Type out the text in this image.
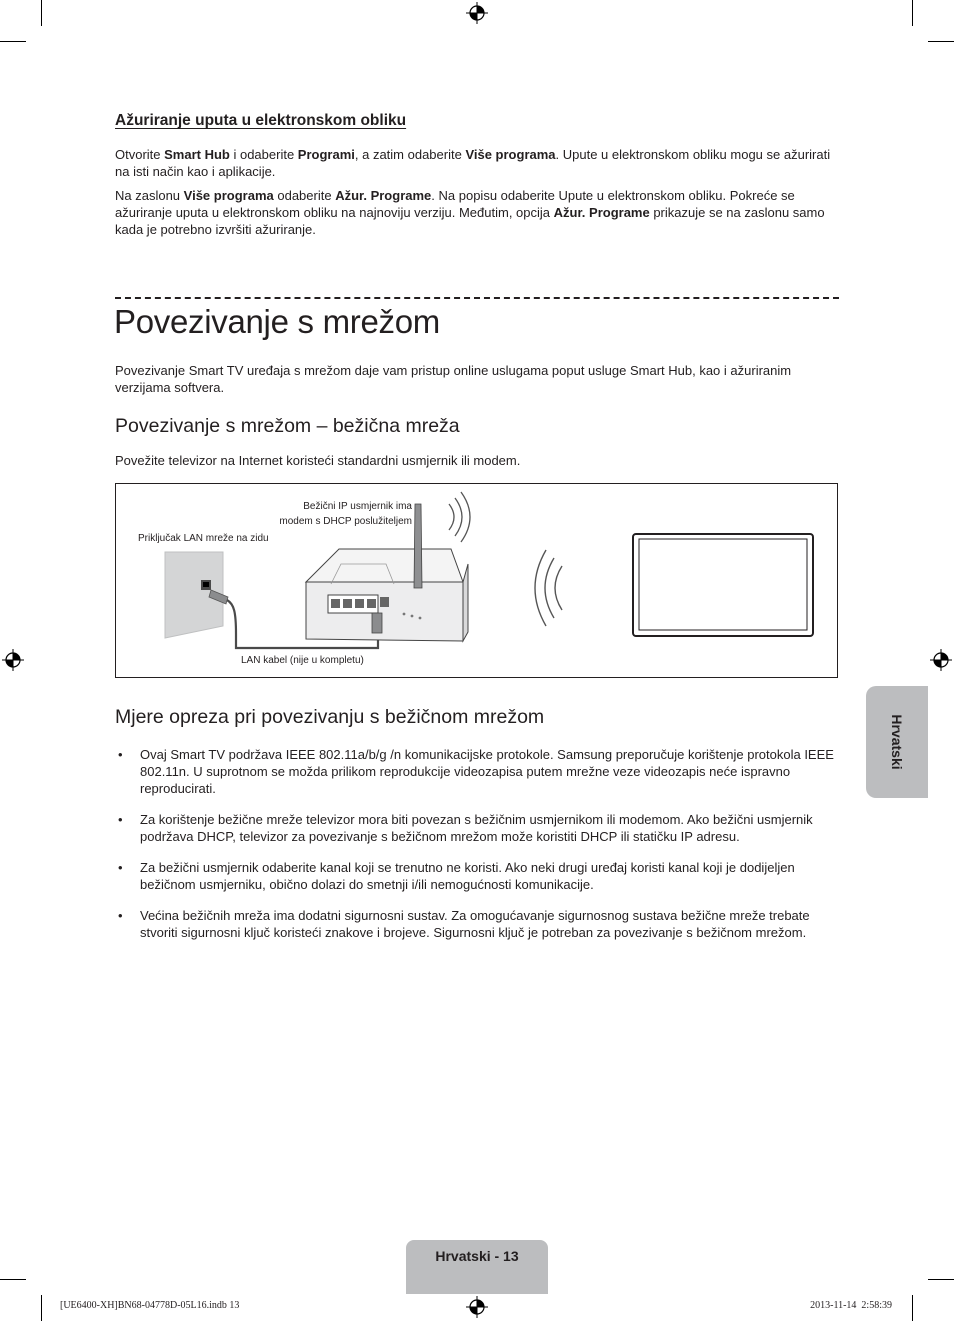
Ažuriranje uputa u elektronskom obliku

Otvorite Smart Hub i odaberite Programi, a zatim odaberite Više programa. Upute u elektronskom obliku mogu se ažurirati na isti način kao i aplikacije.

Na zaslonu Više programa odaberite Ažur. Programe. Na popisu odaberite Upute u elektronskom obliku. Pokreće se ažuriranje uputa u elektronskom obliku na najnoviju verziju. Međutim, opcija Ažur. Programe prikazuje se na zaslonu samo kada je potrebno izvršiti ažuriranje.

Povezivanje s mrežom

Povezivanje Smart TV uređaja s mrežom daje vam pristup online uslugama poput usluge Smart Hub, kao i ažuriranim verzijama softvera.

Povezivanje s mrežom – bežična mreža

Povežite televizor na Internet koristeći standardni usmjernik ili modem.

Bežični IP usmjernik ima
modem s DHCP poslužiteljem
Priključak LAN mreže na zidu
LAN kabel (nije u kompletu)
Mjere opreza pri povezivanju s bežičnom mrežom
• Ovaj Smart TV podržava IEEE 802.11a/b/g /n komunikacijske protokole. Samsung preporučuje korištenje protokola IEEE 802.11n. U suprotnom se možda prilikom reprodukcije videozapisa putem mrežne veze videozapis neće ispravno reproducirati.
• Za korištenje bežične mreže televizor mora biti povezan s bežičnim usmjernikom ili modemom. Ako bežični usmjernik podržava DHCP, televizor za povezivanje s bežičnom mrežom može koristiti DHCP ili statičku IP adresu.
• Za bežični usmjernik odaberite kanal koji se trenutno ne koristi. Ako neki drugi uređaj koristi kanal koji je dodijeljen bežičnom usmjerniku, obično dolazi do smetnji i/ili nemogućnosti komunikacije.
• Većina bežičnih mreža ima dodatni sigurnosni sustav. Za omogućavanje sigurnosnog sustava bežične mreže trebate stvoriti sigurnosni ključ koristeći znakove i brojeve. Sigurnosni ključ je potreban za povezivanje s bežičnom mrežom.
Hrvatski
Hrvatski - 13
[UE6400-XH]BN68-04778D-05L16.indb 13	2013-11-14  2:58:39
